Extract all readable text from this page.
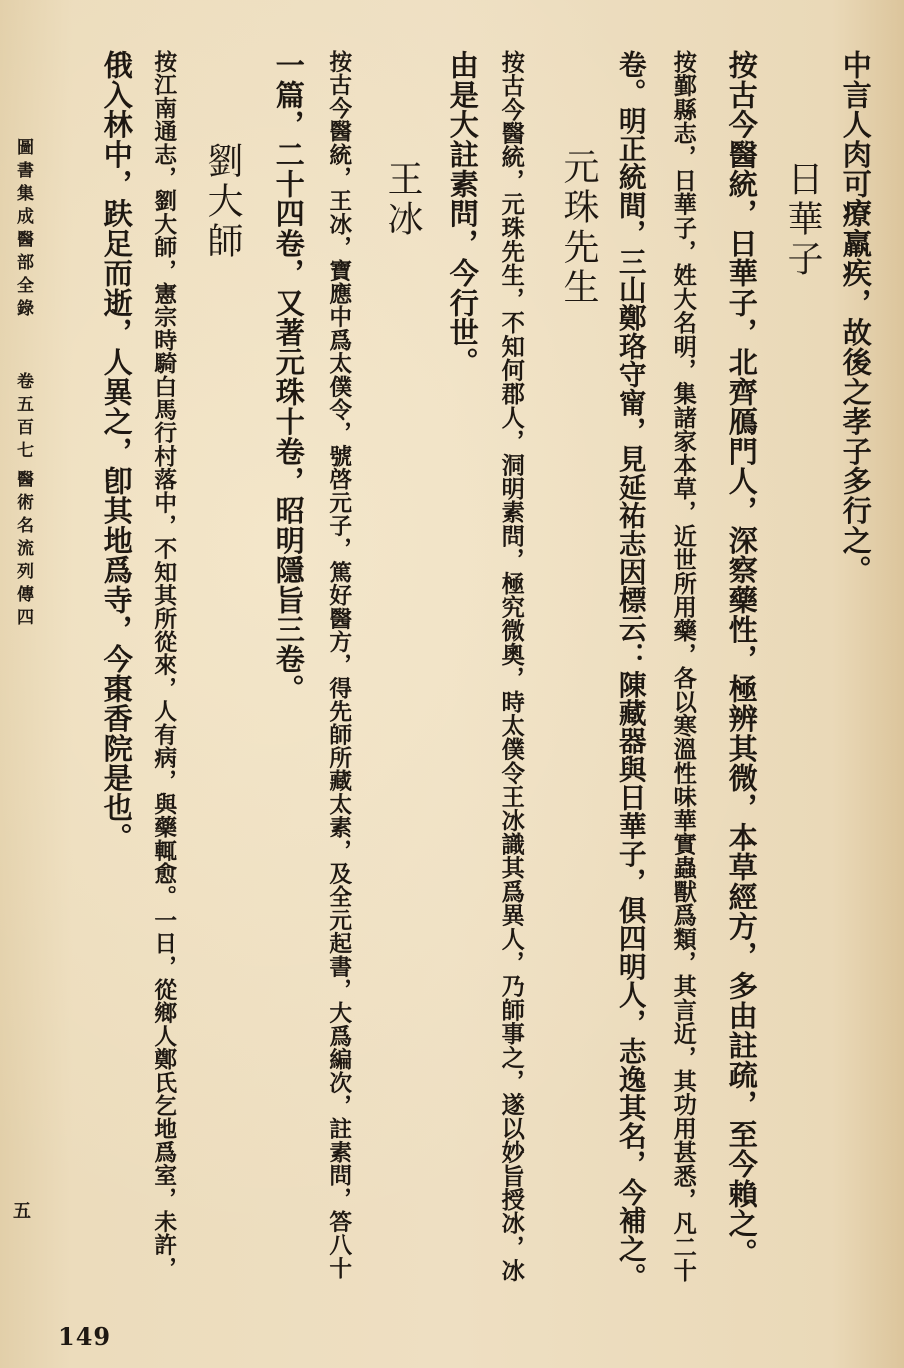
中言人肉可療羸疾，故後之孝子多行之。
日華子
按古今醫統，日華子，北齊鴈門人，深察藥性，極辨其微，本草經方，多由註疏，至今賴之。
按鄞縣志，日華子，姓大名明，集諸家本草，近世所用藥，各以寒溫性味華實蟲獸爲類，其言近，其功用甚悉，凡二十
卷。明正統間，三山鄭珞守甯，見延祐志因標云：陳藏器與日華子，俱四明人，志逸其名，今補之。
元珠先生
按古今醫統，元珠先生，不知何郡人，洞明素問，極究微奧，時太僕令王冰識其爲異人，乃師事之，遂以妙旨授冰，冰
由是大註素問，今行世。
王冰
按古今醫統，王冰，寶應中爲太僕令，號啓元子，篤好醫方，得先師所藏太素，及全元起書，大爲編次，註素問，答八十
一篇，二十四卷，又著元珠十卷，昭明隱旨三卷。
劉大師
按江南通志，劉大師，憲宗時騎白馬行村落中，不知其所從來，人有病，與藥輒愈。一日，從鄉人鄭氏乞地爲室，未許，
俄入林中，趺足而逝，人異之，卽其地爲寺，今棗香院是也。
圖書集成醫部全錄
卷五百七
醫術名流列傳四
五
149
